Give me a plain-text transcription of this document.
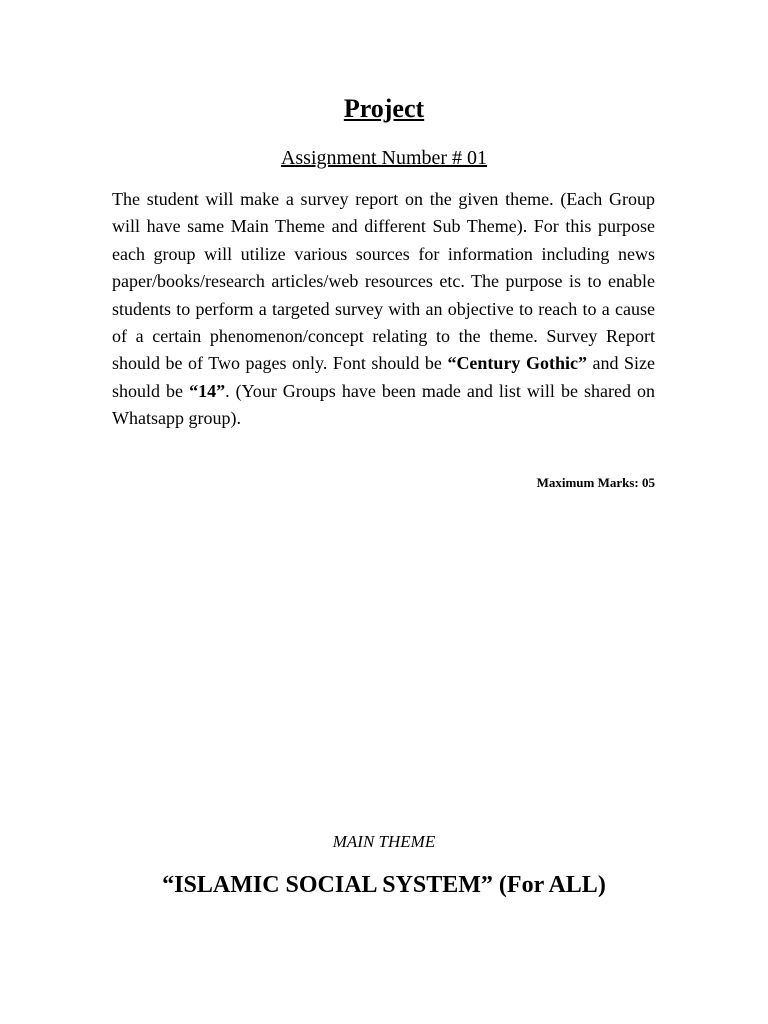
Project
Assignment Number # 01

The student will make a survey report on the given theme. (Each Group will have same Main Theme and different Sub Theme). For this purpose each group will utilize various sources for information including news paper/books/research articles/web resources etc. The purpose is to enable students to perform a targeted survey with an objective to reach to a cause of a certain phenomenon/concept relating to the theme. Survey Report should be of Two pages only. Font should be “Century Gothic” and Size should be “14”. (Your Groups have been made and list will be shared on Whatsapp group).

Maximum Marks: 05
MAIN THEME
“ISLAMIC SOCIAL SYSTEM” (For ALL)
